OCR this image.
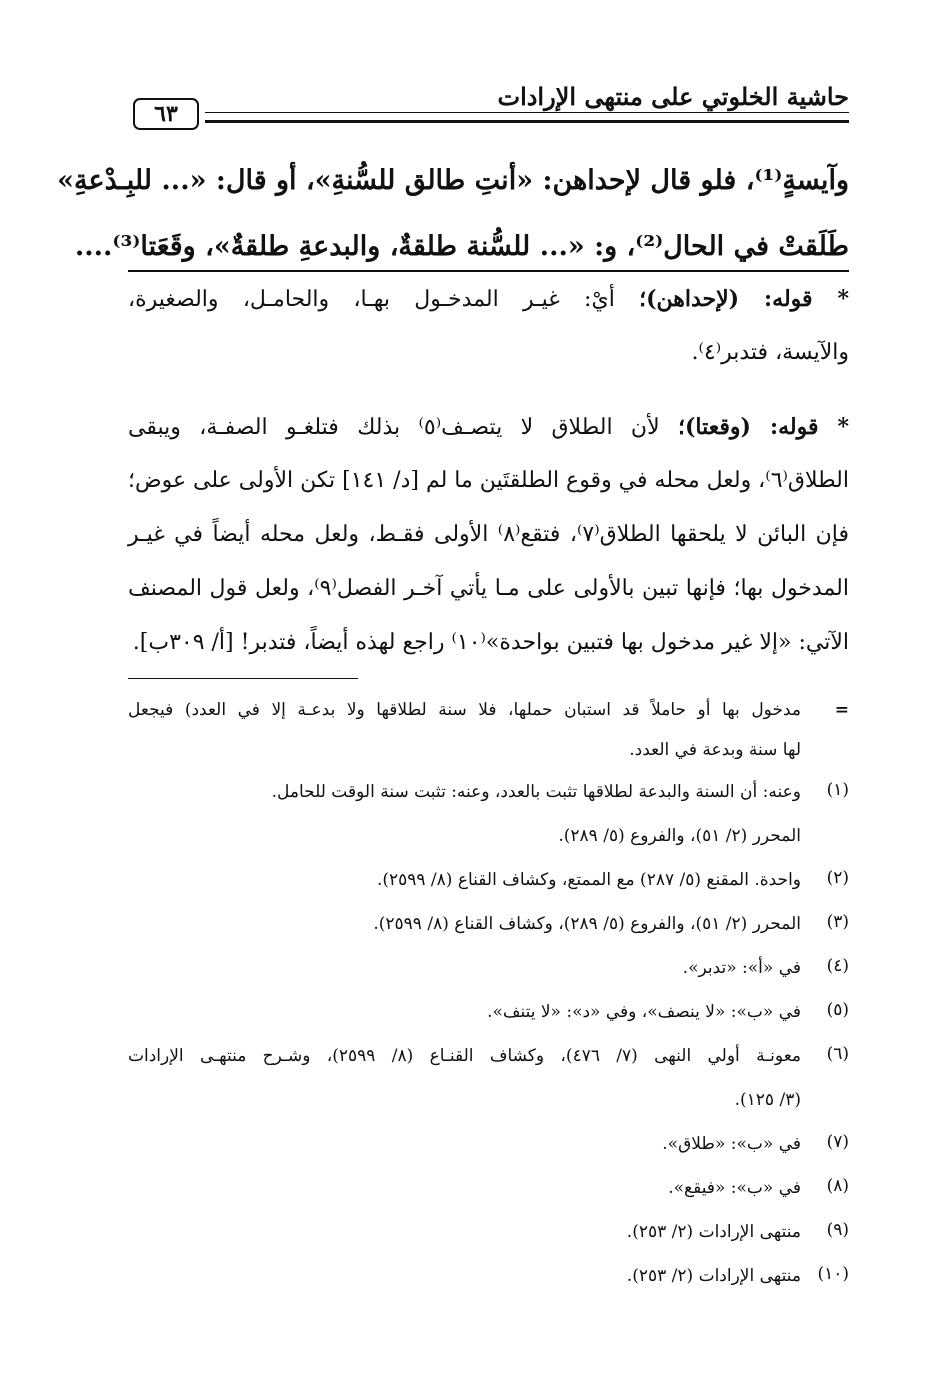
حاشية الخلوتي على منتهى الإرادات
٦٣
وآيسةٍ⁽¹⁾، فلو قال لإحداهن: «أنتِ طالق للسُّنةِ»، أو قال: «... للبِـدْعةِ»
طَلَقتْ في الحال⁽²⁾، و: «... للسُّنة طلقةٌ، والبدعةِ طلقةٌ»، وقَعَتا⁽³⁾....
* قوله: (لإحداهن)؛ أيْ: غيـر المدخـول بهـا، والحامـل، والصغيرة،
والآيسة، فتدبر⁽٤⁾.
* قوله: (وقعتا)؛ لأن الطلاق لا يتصـف⁽٥⁾ بذلك فتلغـو الصفـة، ويبقى
الطلاق⁽٦⁾، ولعل محله في وقوع الطلقتَين ما لم [د/ ١٤١] تكن الأولى على عوض؛
فإن البائن لا يلحقها الطلاق⁽٧⁾، فتقع⁽٨⁾ الأولى فقـط، ولعل محله أيضاً في غيـر
المدخول بها؛ فإنها تبين بالأولى على مـا يأتي آخـر الفصل⁽٩⁾، ولعل قول المصنف
الآتي: «إلا غير مدخول بها فتبين بواحدة»⁽١٠⁾ راجع لهذه أيضاً، فتدبر! [أ/ ٣٠٩ب].
=
مدخول بها أو حاملاً قد استبان حملها، فلا سنة لطلاقها ولا بدعـة إلا في العدد) فيجعل
لها سنة وبدعة في العدد.
(١)
وعنه: أن السنة والبدعة لطلاقها تثبت بالعدد، وعنه: تثبت سنة الوقت للحامل.
المحرر (٢/ ٥١)، والفروع (٥/ ٢٨٩).
(٢)
واحدة. المقنع (٥/ ٢٨٧) مع الممتع، وكشاف القناع (٨/ ٢٥٩٩).
(٣)
المحرر (٢/ ٥١)، والفروع (٥/ ٢٨٩)، وكشاف القناع (٨/ ٢٥٩٩).
(٤)
في «أ»: «تدبر».
(٥)
في «ب»: «لا ينصف»، وفي «د»: «لا يتنف».
(٦)
معونـة أولي النهى (٧/ ٤٧٦)، وكشاف القنـاع (٨/ ٢٥٩٩)، وشـرح منتهـى الإرادات
(٣/ ١٢٥).
(٧)
في «ب»: «طلاق».
(٨)
في «ب»: «فيقع».
(٩)
منتهى الإرادات (٢/ ٢٥٣).
(١٠)
منتهى الإرادات (٢/ ٢٥٣).
